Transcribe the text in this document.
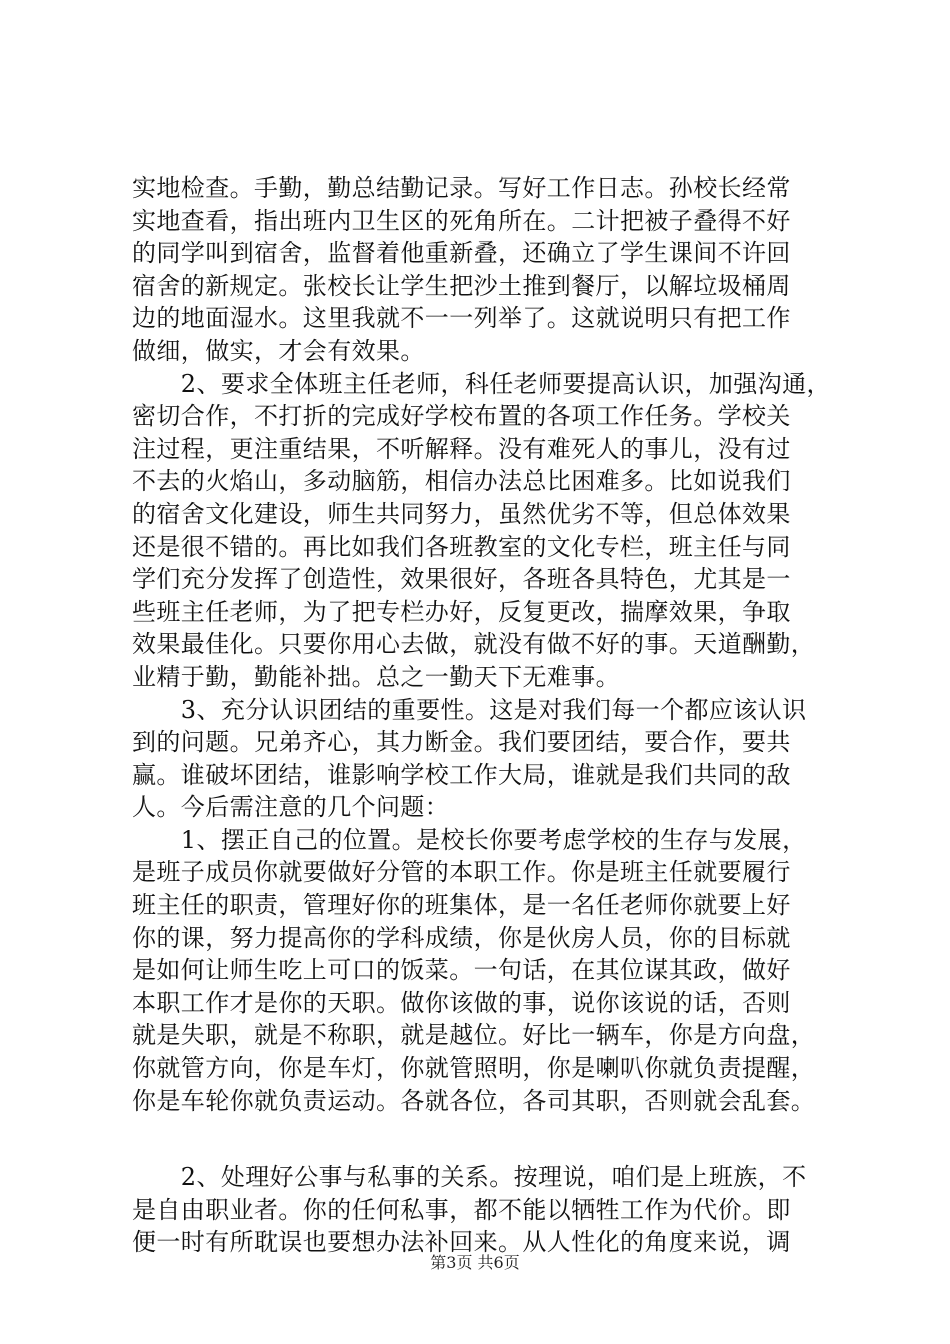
实地检查。手勤，勤总结勤记录。写好工作日志。孙校长经常
实地查看，指出班内卫生区的死角所在。二计把被子叠得不好
的同学叫到宿舍，监督着他重新叠，还确立了学生课间不许回
宿舍的新规定。张校长让学生把沙土推到餐厅，以解垃圾桶周
边的地面湿水。这里我就不一一列举了。这就说明只有把工作
做细，做实，才会有效果。
　　2、要求全体班主任老师，科任老师要提高认识，加强沟通，
密切合作，不打折的完成好学校布置的各项工作任务。学校关
注过程，更注重结果，不听解释。没有难死人的事儿，没有过
不去的火焰山，多动脑筋，相信办法总比困难多。比如说我们
的宿舍文化建设，师生共同努力，虽然优劣不等，但总体效果
还是很不错的。再比如我们各班教室的文化专栏，班主任与同
学们充分发挥了创造性，效果很好，各班各具特色，尤其是一
些班主任老师，为了把专栏办好，反复更改，揣摩效果，争取
效果最佳化。只要你用心去做，就没有做不好的事。天道酬勤，
业精于勤，勤能补拙。总之一勤天下无难事。
　　3、充分认识团结的重要性。这是对我们每一个都应该认识
到的问题。兄弟齐心，其力断金。我们要团结，要合作，要共
赢。谁破坏团结，谁影响学校工作大局，谁就是我们共同的敌
人。今后需注意的几个问题：
　　1、摆正自己的位置。是校长你要考虑学校的生存与发展，
是班子成员你就要做好分管的本职工作。你是班主任就要履行
班主任的职责，管理好你的班集体，是一名任老师你就要上好
你的课，努力提高你的学科成绩，你是伙房人员，你的目标就
是如何让师生吃上可口的饭菜。一句话，在其位谋其政，做好
本职工作才是你的天职。做你该做的事，说你该说的话，否则
就是失职，就是不称职，就是越位。好比一辆车，你是方向盘，
你就管方向，你是车灯，你就管照明，你是喇叭你就负责提醒，
你是车轮你就负责运动。各就各位，各司其职，否则就会乱套。
　　2、处理好公事与私事的关系。按理说，咱们是上班族，不
是自由职业者。你的任何私事，都不能以牺牲工作为代价。即
便一时有所耽误也要想办法补回来。从人性化的角度来说，调
第3页 共6页
